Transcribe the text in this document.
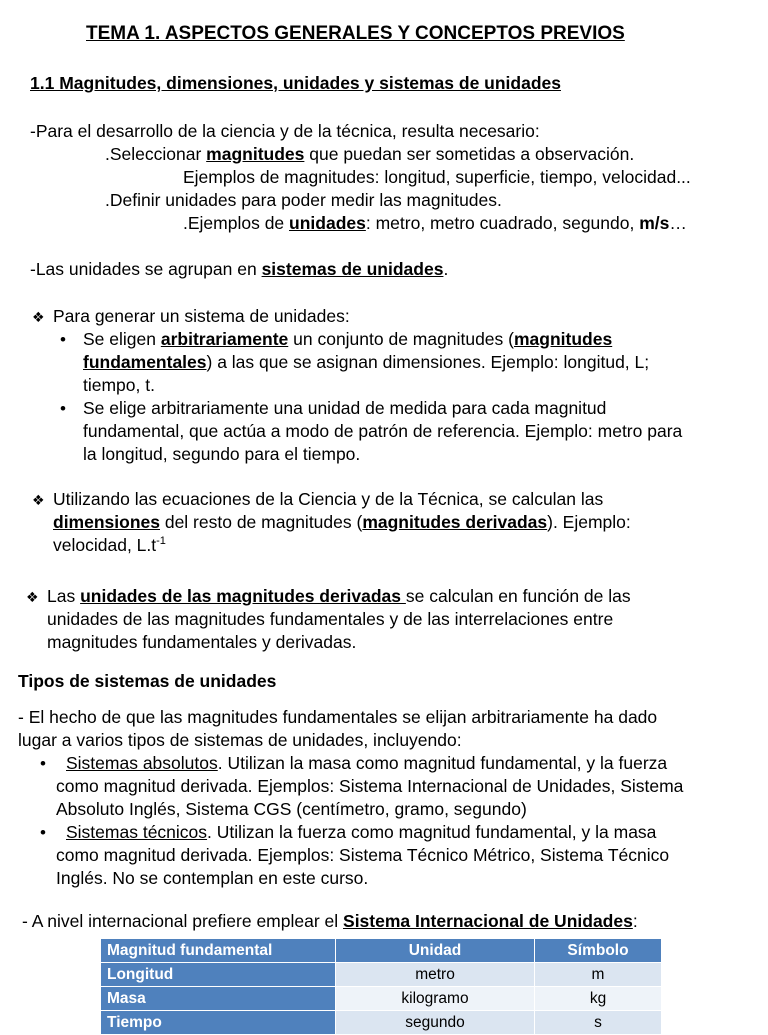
TEMA 1. ASPECTOS GENERALES Y CONCEPTOS PREVIOS
1.1 Magnitudes, dimensiones, unidades y sistemas de unidades
-Para el desarrollo de la ciencia y de la técnica, resulta necesario:
.Seleccionar magnitudes que puedan ser sometidas a observación.
Ejemplos de magnitudes: longitud, superficie, tiempo, velocidad...
.Definir unidades para poder medir las magnitudes.
.Ejemplos de unidades: metro, metro cuadrado, segundo, m/s…
-Las unidades se agrupan en sistemas de unidades.
❖ Para generar un sistema de unidades:
• Se eligen arbitrariamente un conjunto de magnitudes (magnitudes
fundamentales) a las que se asignan dimensiones. Ejemplo: longitud, L;
tiempo, t.
• Se elige arbitrariamente una unidad de medida para cada magnitud
fundamental, que actúa a modo de patrón de referencia. Ejemplo: metro para
la longitud, segundo para el tiempo.
❖ Utilizando las ecuaciones de la Ciencia y de la Técnica, se calculan las
dimensiones del resto de magnitudes (magnitudes derivadas). Ejemplo:
velocidad, $L.t^{-1}$
❖ Las unidades de las magnitudes derivadas se calculan en función de las
unidades de las magnitudes fundamentales y de las interrelaciones entre
magnitudes fundamentales y derivadas.
Tipos de sistemas de unidades
- El hecho de que las magnitudes fundamentales se elijan arbitrariamente ha dado
lugar a varios tipos de sistemas de unidades, incluyendo:
• Sistemas absolutos. Utilizan la masa como magnitud fundamental, y la fuerza
como magnitud derivada. Ejemplos: Sistema Internacional de Unidades, Sistema
Absoluto Inglés, Sistema CGS (centímetro, gramo, segundo)
• Sistemas técnicos. Utilizan la fuerza como magnitud fundamental, y la masa
como magnitud derivada. Ejemplos: Sistema Técnico Métrico, Sistema Técnico
Inglés. No se contemplan en este curso.
- A nivel internacional prefiere emplear el Sistema Internacional de Unidades:
Magnitud fundamental	Unidad	Símbolo
Longitud	metro	m
Masa	kilogramo	kg
Tiempo	segundo	s
